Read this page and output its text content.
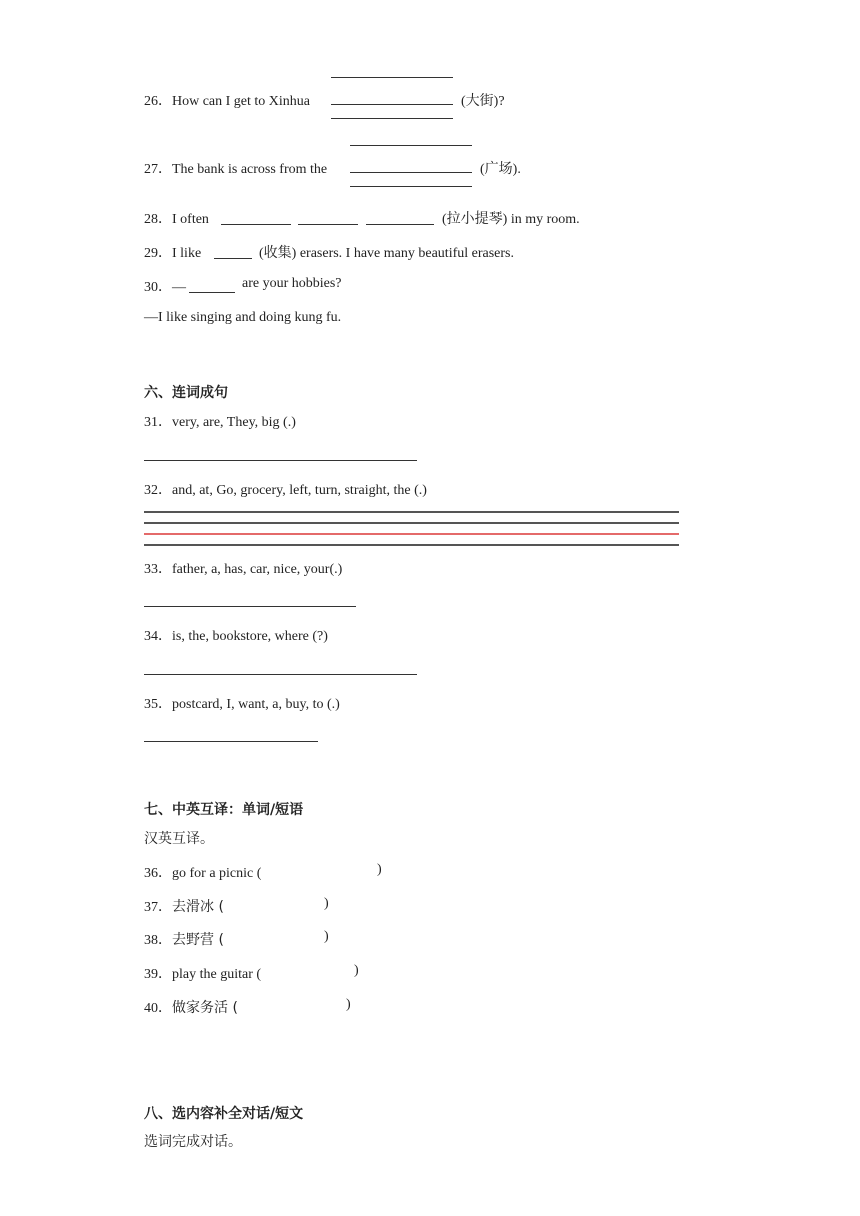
26．How can I get to Xinhua	(大街)?
27．The bank is across from the	(广场).
28．I often	(拉小提琴) in my room.
29．I like	(收集) erasers. I have many beautiful erasers.
30．—	are your hobbies?
—I like singing and doing kung fu.
六、连词成句
31．very, are, They, big (.)
32．and, at, Go, grocery, left, turn, straight, the (.)
33．father, a, has, car, nice, your(.)
34．is, the, bookstore, where (?)
35．postcard, I, want, a, buy, to (.)
七、中英互译：单词/短语
汉英互译。
36．go for a picnic (	)
37．去滑冰 (	)
38．去野营 (	)
39．play the guitar (	)
40．做家务活 (	)
八、选内容补全对话/短文
选词完成对话。
